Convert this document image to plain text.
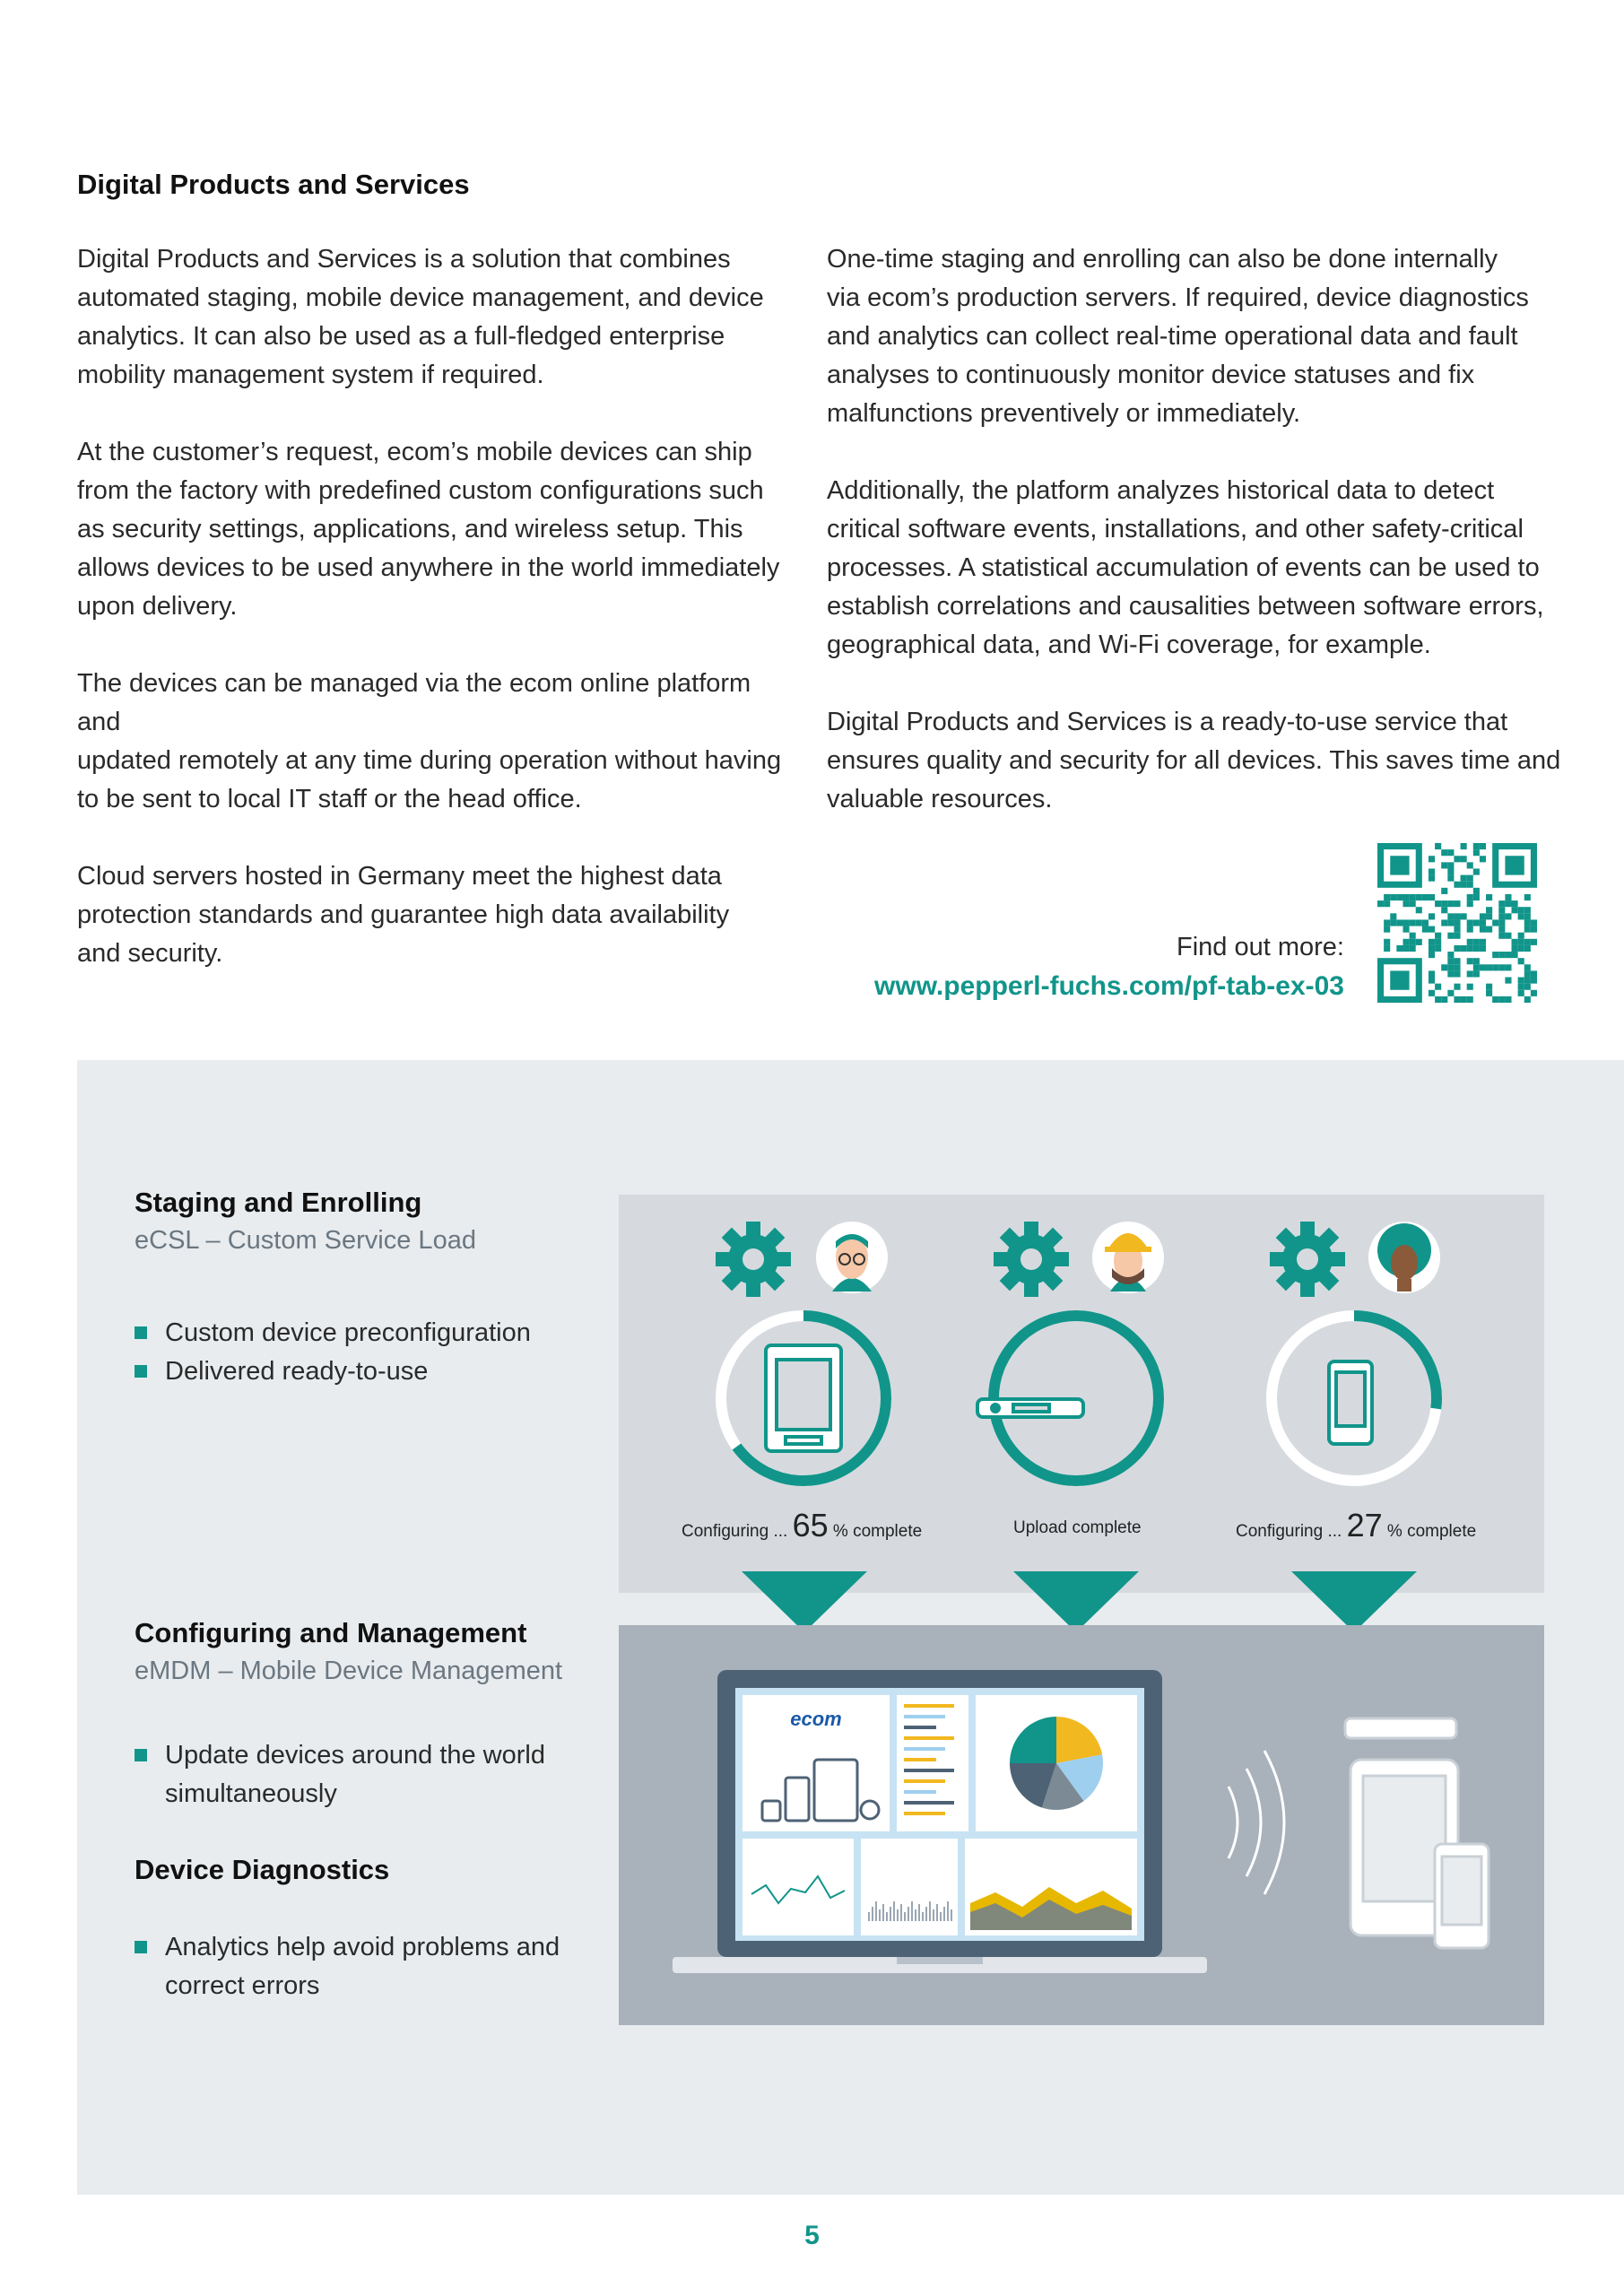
Digital Products and Services

Digital Products and Services is a solution that combines
automated staging, mobile device management, and device
analytics. It can also be used as a full-fledged enterprise
mobility management system if required.

At the customer’s request, ecom’s mobile devices can ship
from the factory with predefined custom configurations such
as security settings, applications, and wireless setup. This
allows devices to be used anywhere in the world immediately
upon delivery.

The devices can be managed via the ecom online platform and
updated remotely at any time during operation without having
to be sent to local IT staff or the head office.

Cloud servers hosted in Germany meet the highest data
protection standards and guarantee high data availability
and security.

One-time staging and enrolling can also be done internally
via ecom’s production servers. If required, device diagnostics
and analytics can collect real-time operational data and fault
analyses to continuously monitor device statuses and fix
malfunctions preventively or immediately.

Additionally, the platform analyzes historical data to detect
critical software events, installations, and other safety-critical
processes. A statistical accumulation of events can be used to
establish correlations and causalities between software errors,
geographical data, and Wi-Fi coverage, for example.

Digital Products and Services is a ready-to-use service that
ensures quality and security for all devices. This saves time and
valuable resources.

Find out more:
www.pepperl-fuchs.com/pf-tab-ex-03
Staging and Enrolling
eCSL – Custom Service Load
Custom device preconfiguration
Delivered ready-to-use
Configuring and Management
eMDM – Mobile Device Management
Update devices around the world
simultaneously
Device Diagnostics
Analytics help avoid problems and
correct errors
Configuring ... 65 % complete	Upload complete	Configuring ... 27 % complete
ecom
5
